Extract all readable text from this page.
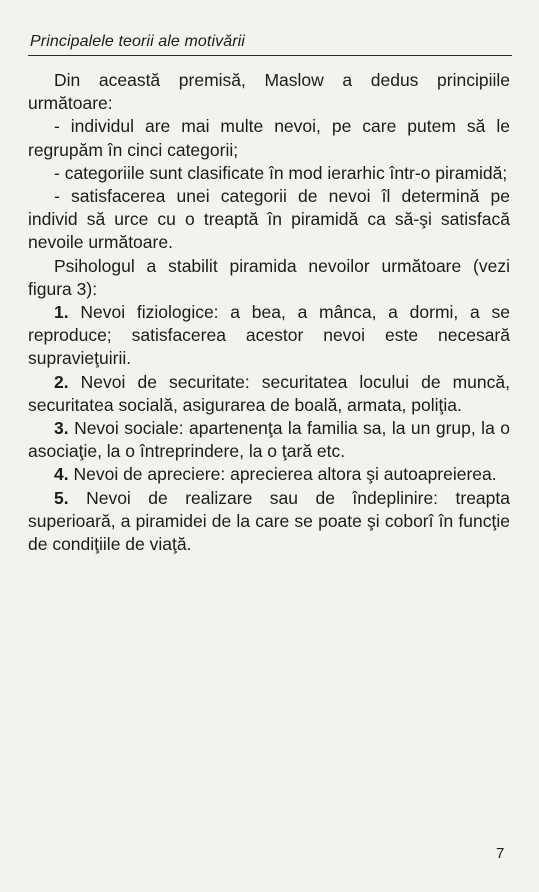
Principalele teorii ale motivării

Din această premisă, Maslow a dedus principiile următoare:

- individul are mai multe nevoi, pe care putem să le regrupăm în cinci categorii;

- categoriile sunt clasificate în mod ierarhic într-o piramidă;

- satisfacerea unei categorii de nevoi îl determină pe individ să urce cu o treaptă în piramidă ca să-şi satisfacă nevoile următoare.

Psihologul a stabilit piramida nevoilor următoare (vezi figura 3):

1. Nevoi fiziologice: a bea, a mânca, a dormi, a se reproduce; satisfacerea acestor nevoi este necesară supravieţuirii.

2. Nevoi de securitate: securitatea locului de muncă, securitatea socială, asigurarea de boală, armata, poliţia.

3. Nevoi sociale: apartenenţa la familia sa, la un grup, la o asociaţie, la o întreprindere, la o ţară etc.

4. Nevoi de apreciere: aprecierea altora şi autoapreierea.

5. Nevoi de realizare sau de îndeplinire: treapta superioară, a piramidei de la care se poate şi coborî în funcţie de condiţiile de viaţă.

7
